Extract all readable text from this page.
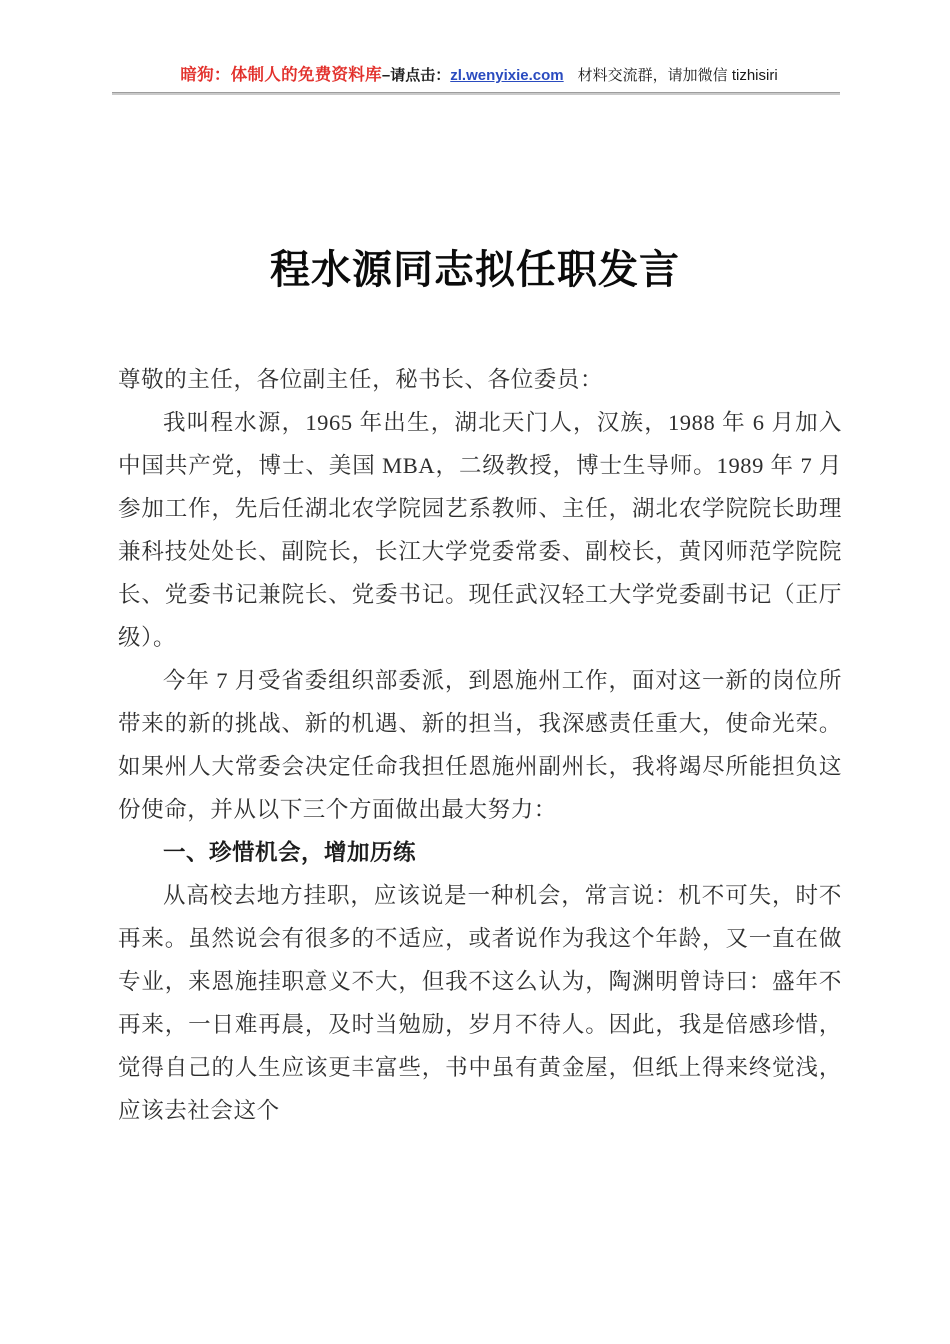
暗狗：体制人的免费资料库–请点击：zl.wenyixie.com 材料交流群，请加微信 tizhisiri
程水源同志拟任职发言

尊敬的主任，各位副主任，秘书长、各位委员：

我叫程水源，1965 年出生，湖北天门人，汉族，1988 年 6 月加入中国共产党，博士、美国 MBA，二级教授，博士生导师。1989 年 7 月参加工作，先后任湖北农学院园艺系教师、主任，湖北农学院院长助理兼科技处处长、副院长，长江大学党委常委、副校长，黄冈师范学院院长、党委书记兼院长、党委书记。现任武汉轻工大学党委副书记（正厅级）。

今年 7 月受省委组织部委派，到恩施州工作，面对这一新的岗位所带来的新的挑战、新的机遇、新的担当，我深感责任重大，使命光荣。如果州人大常委会决定任命我担任恩施州副州长，我将竭尽所能担负这份使命，并从以下三个方面做出最大努力：

一、珍惜机会，增加历练

从高校去地方挂职，应该说是一种机会，常言说：机不可失，时不再来。虽然说会有很多的不适应，或者说作为我这个年龄，又一直在做专业，来恩施挂职意义不大，但我不这么认为，陶渊明曾诗曰：盛年不再来，一日难再晨，及时当勉励，岁月不待人。因此，我是倍感珍惜，觉得自己的人生应该更丰富些，书中虽有黄金屋，但纸上得来终觉浅，应该去社会这个
